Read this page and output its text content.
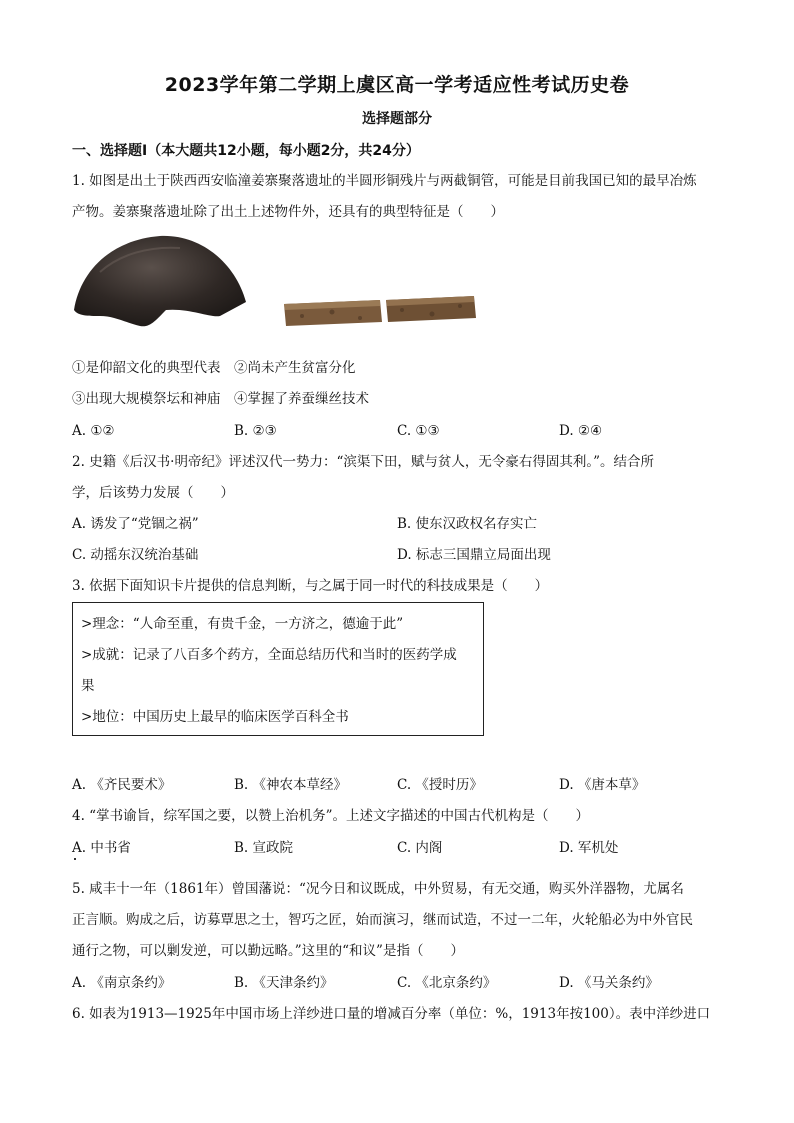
2023学年第二学期上虞区高一学考适应性考试历史卷
选择题部分
一、选择题Ⅰ（本大题共12小题，每小题2分，共24分）
1. 如图是出土于陕西西安临潼姜寨聚落遗址的半圆形铜残片与两截铜管，可能是目前我国已知的最早冶炼
产物。姜寨聚落遗址除了出土上述物件外，还具有的典型特征是（　　）
①是仰韶文化的典型代表　②尚未产生贫富分化
③出现大规模祭坛和神庙　④掌握了养蚕缫丝技术
A. ①②	B. ②③	C. ①③	D. ②④
2. 史籍《后汉书·明帝纪》评述汉代一势力：“滨渠下田，赋与贫人，无令豪右得固其利。”。结合所
学，后该势力发展（　　）
A. 诱发了“党锢之祸”	B. 使东汉政权名存实亡
C. 动摇东汉统治基础	D. 标志三国鼎立局面出现
3. 依据下面知识卡片提供的信息判断，与之属于同一时代的科技成果是（　　）
>理念：“人命至重，有贵千金，一方济之，德逾于此”
>成就：记录了八百多个药方，全面总结历代和当时的医药学成
果
>地位：中国历史上最早的临床医学百科全书
A. 《齐民要术》	B. 《神农本草经》	C. 《授时历》	D. 《唐本草》
4. “掌书谕旨，综军国之要，以赞上治机务”。上述文字描述的中国古代机构是（　　）
A. 中书省	B. 宣政院	C. 内阁	D. 军机处
5. 咸丰十一年（1861年）曾国藩说：“况今日和议既成，中外贸易，有无交通，购买外洋器物，尤属名
正言顺。购成之后，访募覃思之士，智巧之匠，始而演习，继而试造，不过一二年，火轮船必为中外官民
通行之物，可以剿发逆，可以勤远略。”这里的“和议”是指（　　）
A. 《南京条约》	B. 《天津条约》	C. 《北京条约》	D. 《马关条约》
6. 如表为1913—1925年中国市场上洋纱进口量的增减百分率（单位：%，1913年按100）。表中洋纱进口
